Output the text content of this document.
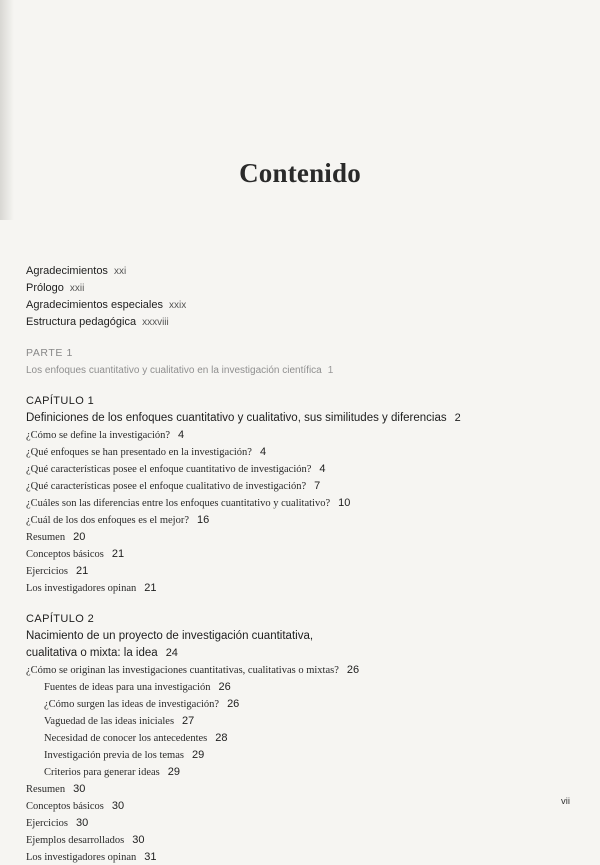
Contenido
Agradecimientos xxi
Prólogo xxii
Agradecimientos especiales xxix
Estructura pedagógica xxxviii
PARTE 1
Los enfoques cuantitativo y cualitativo en la investigación científica 1
CAPÍTULO 1
Definiciones de los enfoques cuantitativo y cualitativo, sus similitudes y diferencias 2
¿Cómo se define la investigación? 4
¿Qué enfoques se han presentado en la investigación? 4
¿Qué características posee el enfoque cuantitativo de investigación? 4
¿Qué características posee el enfoque cualitativo de investigación? 7
¿Cuáles son las diferencias entre los enfoques cuantitativo y cualitativo? 10
¿Cuál de los dos enfoques es el mejor? 16
Resumen 20
Conceptos básicos 21
Ejercicios 21
Los investigadores opinan 21
CAPÍTULO 2
Nacimiento de un proyecto de investigación cuantitativa,
cualitativa o mixta: la idea 24
¿Cómo se originan las investigaciones cuantitativas, cualitativas o mixtas? 26
Fuentes de ideas para una investigación 26
¿Cómo surgen las ideas de investigación? 26
Vaguedad de las ideas iniciales 27
Necesidad de conocer los antecedentes 28
Investigación previa de los temas 29
Criterios para generar ideas 29
Resumen 30
Conceptos básicos 30
Ejercicios 30
Ejemplos desarrollados 30
Los investigadores opinan 31
vii
